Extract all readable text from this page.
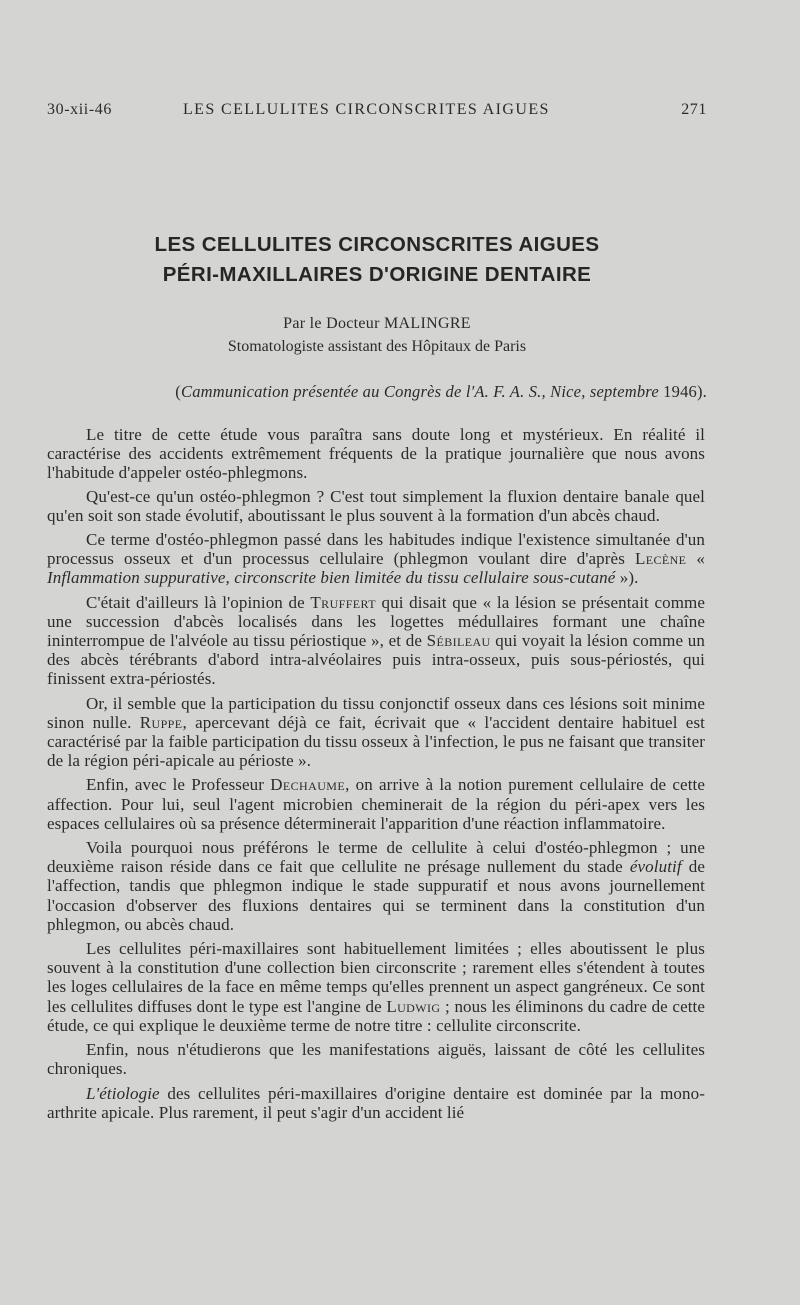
30-xii-46	LES CELLULITES CIRCONSCRITES AIGUES	271
LES CELLULITES CIRCONSCRITES AIGUES
PÉRI-MAXILLAIRES D'ORIGINE DENTAIRE
Par le Docteur MALINGRE
Stomatologiste assistant des Hôpitaux de Paris
(Cammunication présentée au Congrès de l'A. F. A. S., Nice, septembre 1946).

Le titre de cette étude vous paraîtra sans doute long et mystérieux. En réalité il caractérise des accidents extrêmement fréquents de la pratique journalière que nous avons l'habitude d'appeler ostéo-phlegmons.

Qu'est-ce qu'un ostéo-phlegmon ? C'est tout simplement la fluxion dentaire banale quel qu'en soit son stade évolutif, aboutissant le plus souvent à la formation d'un abcès chaud.

Ce terme d'ostéo-phlegmon passé dans les habitudes indique l'existence simultanée d'un processus osseux et d'un processus cellulaire (phlegmon voulant dire d'après Lecène « Inflammation suppurative, circonscrite bien limitée du tissu cellulaire sous-cutané »).

C'était d'ailleurs là l'opinion de Truffert qui disait que « la lésion se présentait comme une succession d'abcès localisés dans les logettes médullaires formant une chaîne ininterrompue de l'alvéole au tissu périostique », et de Sébileau qui voyait la lésion comme un des abcès térébrants d'abord intra-alvéolaires puis intra-osseux, puis sous-périostés, qui finissent extra-périostés.

Or, il semble que la participation du tissu conjonctif osseux dans ces lésions soit minime sinon nulle. Ruppe, apercevant déjà ce fait, écrivait que « l'accident dentaire habituel est caractérisé par la faible participation du tissu osseux à l'infection, le pus ne faisant que transiter de la région péri-apicale au périoste ».

Enfin, avec le Professeur Dechaume, on arrive à la notion purement cellulaire de cette affection. Pour lui, seul l'agent microbien cheminerait de la région du péri-apex vers les espaces cellulaires où sa présence déterminerait l'apparition d'une réaction inflammatoire.

Voila pourquoi nous préférons le terme de cellulite à celui d'ostéo-phlegmon ; une deuxième raison réside dans ce fait que cellulite ne présage nullement du stade évolutif de l'affection, tandis que phlegmon indique le stade suppuratif et nous avons journellement l'occasion d'observer des fluxions dentaires qui se terminent dans la constitution d'un phlegmon, ou abcès chaud.

Les cellulites péri-maxillaires sont habituellement limitées ; elles aboutissent le plus souvent à la constitution d'une collection bien circonscrite ; rarement elles s'étendent à toutes les loges cellulaires de la face en même temps qu'elles prennent un aspect gangréneux. Ce sont les cellulites diffuses dont le type est l'angine de Ludwig ; nous les éliminons du cadre de cette étude, ce qui explique le deuxième terme de notre titre : cellulite circonscrite.

Enfin, nous n'étudierons que les manifestations aiguës, laissant de côté les cellulites chroniques.

L'étiologie des cellulites péri-maxillaires d'origine dentaire est dominée par la mono-arthrite apicale. Plus rarement, il peut s'agir d'un accident lié
